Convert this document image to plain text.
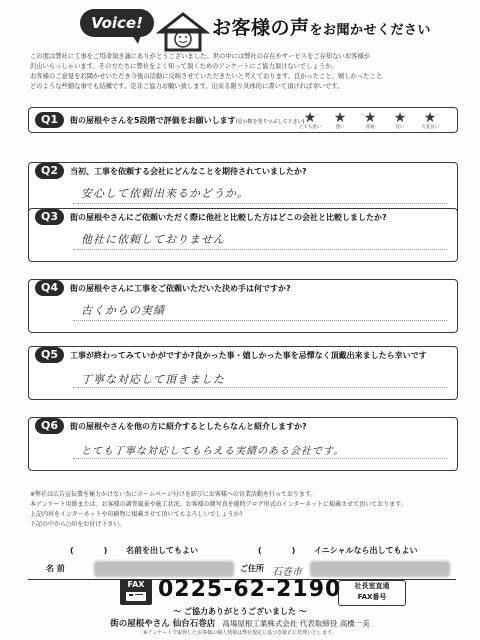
Voice!	お客様の声をお聞かせください

この度は弊社に工事をご用命頂き誠にありがとうございました。世の中には弊社の存在やサービスをご存知ないお客様が

沢山いらっしゃいます。その方たちに弊社をよく知って頂くためのアンケートにご協力頂けないでしょうか。

お客様のご意見をお聞かせいただき今後の活動に反映させていただきたいと考えております。良かったこと、嬉しかったこと

どのような些細な事でも結構です。是非ご協力お願い致します。出来る限り具体的に書いて頂ければ幸いです。

Q1	街の屋根やさんを5段階で評価をお願いします(星の数を塗りつぶして下さい) ★
とても悪い
★
悪い
★
普通
★
良い
★
大変良い
Q2	当初、工事を依頼する会社にどんなことを期待されていましたか?
安心して依頼出来るかどうか。
Q3	街の屋根やさんにご依頼いただく際に他社と比較した方はどこの会社と比較しましたか?
他社に依頼しておりません
Q4	街の屋根やさんに工事をご依頼いただいた決め手は何ですか?
古くからの実績
Q5	工事が終わってみていかがですか?良かった事・嬉しかった事を忌憚なく頂戴出来ましたら幸いです
丁寧な対応して頂きました
Q6	街の屋根やさんを他の方に紹介するとしたらなんと紹介しますか?
とても丁寧な対応してもらえる実績のある会社です。

※弊社は広告宣伝費を極力かけない為にホームページ付けを結びにお客様への営業活動を行っております。

本アンケート用紙または、お客様の調査風景や施工状況、お客様の顔写真を随時ブログ形式のインターネットに掲載させて頂いております。

上記内容をインターネットや印刷物に掲載させて頂いてもよろしいでしょうか?

下記の中から○印をお付け下さい。

()
名前を出してもよい	()
イニシャルなら出してもよい
名 前	ご住所 石巻市
FAX 0225-62-2190	社長室直通
FAX番号
〜 ご協力ありがとうございました 〜
街の屋根やさん 仙台石巻店 高場屋根工業株式会社 代表取締役 高橋一美
※アンケートで取得したお客様の個人情報は弊社規定に基づき厳正に管理いたします。
